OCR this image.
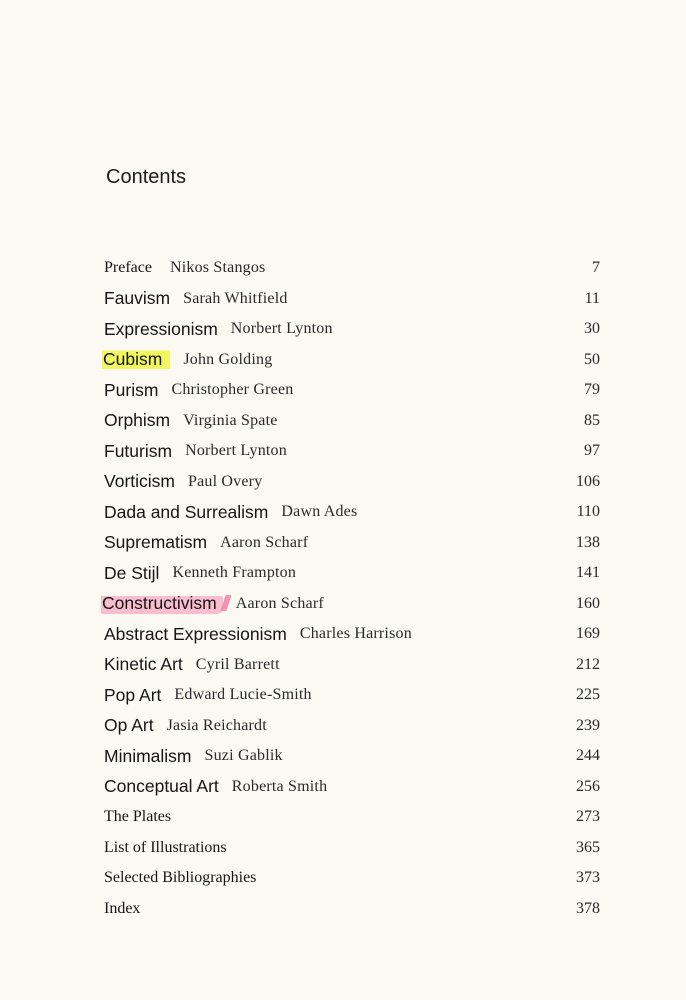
Contents
Preface Nikos Stangos	7
Fauvism Sarah Whitfield	11
Expressionism Norbert Lynton	30
Cubism	John Golding	50
Purism Christopher Green	79
Orphism Virginia Spate	85
Futurism Norbert Lynton	97
Vorticism Paul Overy	106
Dada and Surrealism Dawn Ades	110
Suprematism Aaron Scharf	138
De Stijl Kenneth Frampton	141
Constructivism	Aaron Scharf	160
Abstract Expressionism Charles Harrison	169
Kinetic Art Cyril Barrett	212
Pop Art Edward Lucie-Smith	225
Op Art Jasia Reichardt	239
Minimalism Suzi Gablik	244
Conceptual Art Roberta Smith	256
The Plates	273
List of Illustrations	365
Selected Bibliographies	373
Index	378
